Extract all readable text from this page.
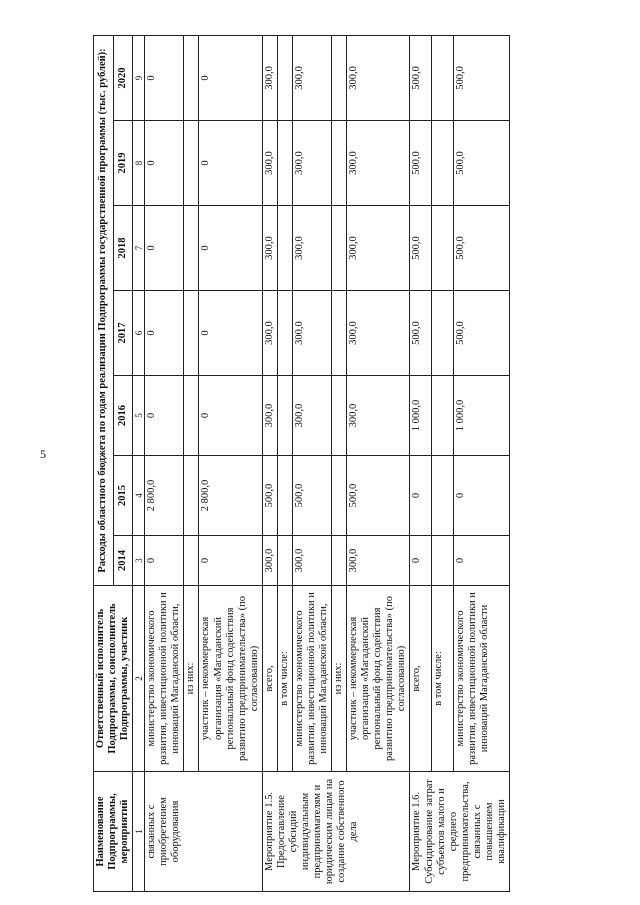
5
Наименование Подпрограммы, мероприятий	Ответственный исполнитель Подпрограммы, соисполнитель Подпрограммы, участник	Расходы областного бюджета по годам реализации Подпрограммы государственной программы (тыс. рублей):						
		2014	2015	2016	2017	2018	2019	2020
1	2	3	4	5	6	7	8	9
связанных с приобретением оборудования	министерство экономического развития, инвестиционной политики и инноваций Магаданской области,	0	2 800,0	0	0	0	0	0
	из них:							
	участник – некоммерческая организация «Магаданский региональный фонд содействия развитию предпринимательства» (по согласованию)	0	2 800,0	0	0	0	0	0
Мероприятие 1.5. Предоставление субсидий индивидуальным предпринимателям и юридическим лицам на создание собственного дела	всего,	300,0	500,0	300,0	300,0	300,0	300,0	300,0
	в том числе:							
	министерство экономического развития, инвестиционной политики и инноваций Магаданской области,	300,0	500,0	300,0	300,0	300,0	300,0	300,0
	из них:							
	участник – некоммерческая организация «Магаданский региональный фонд содействия развитию предпринимательства» (по согласованию)	300,0	500,0	300,0	300,0	300,0	300,0	300,0
Мероприятие 1.6. Субсидирование затрат субъектов малого и среднего предпринимательства, связанных с повышением квалификации	всего,	0	0	1 000,0	500,0	500,0	500,0	500,0
	в том числе:							
	министерство экономического развития, инвестиционной политики и инноваций Магаданской области	0	0	1 000,0	500,0	500,0	500,0	500,0
